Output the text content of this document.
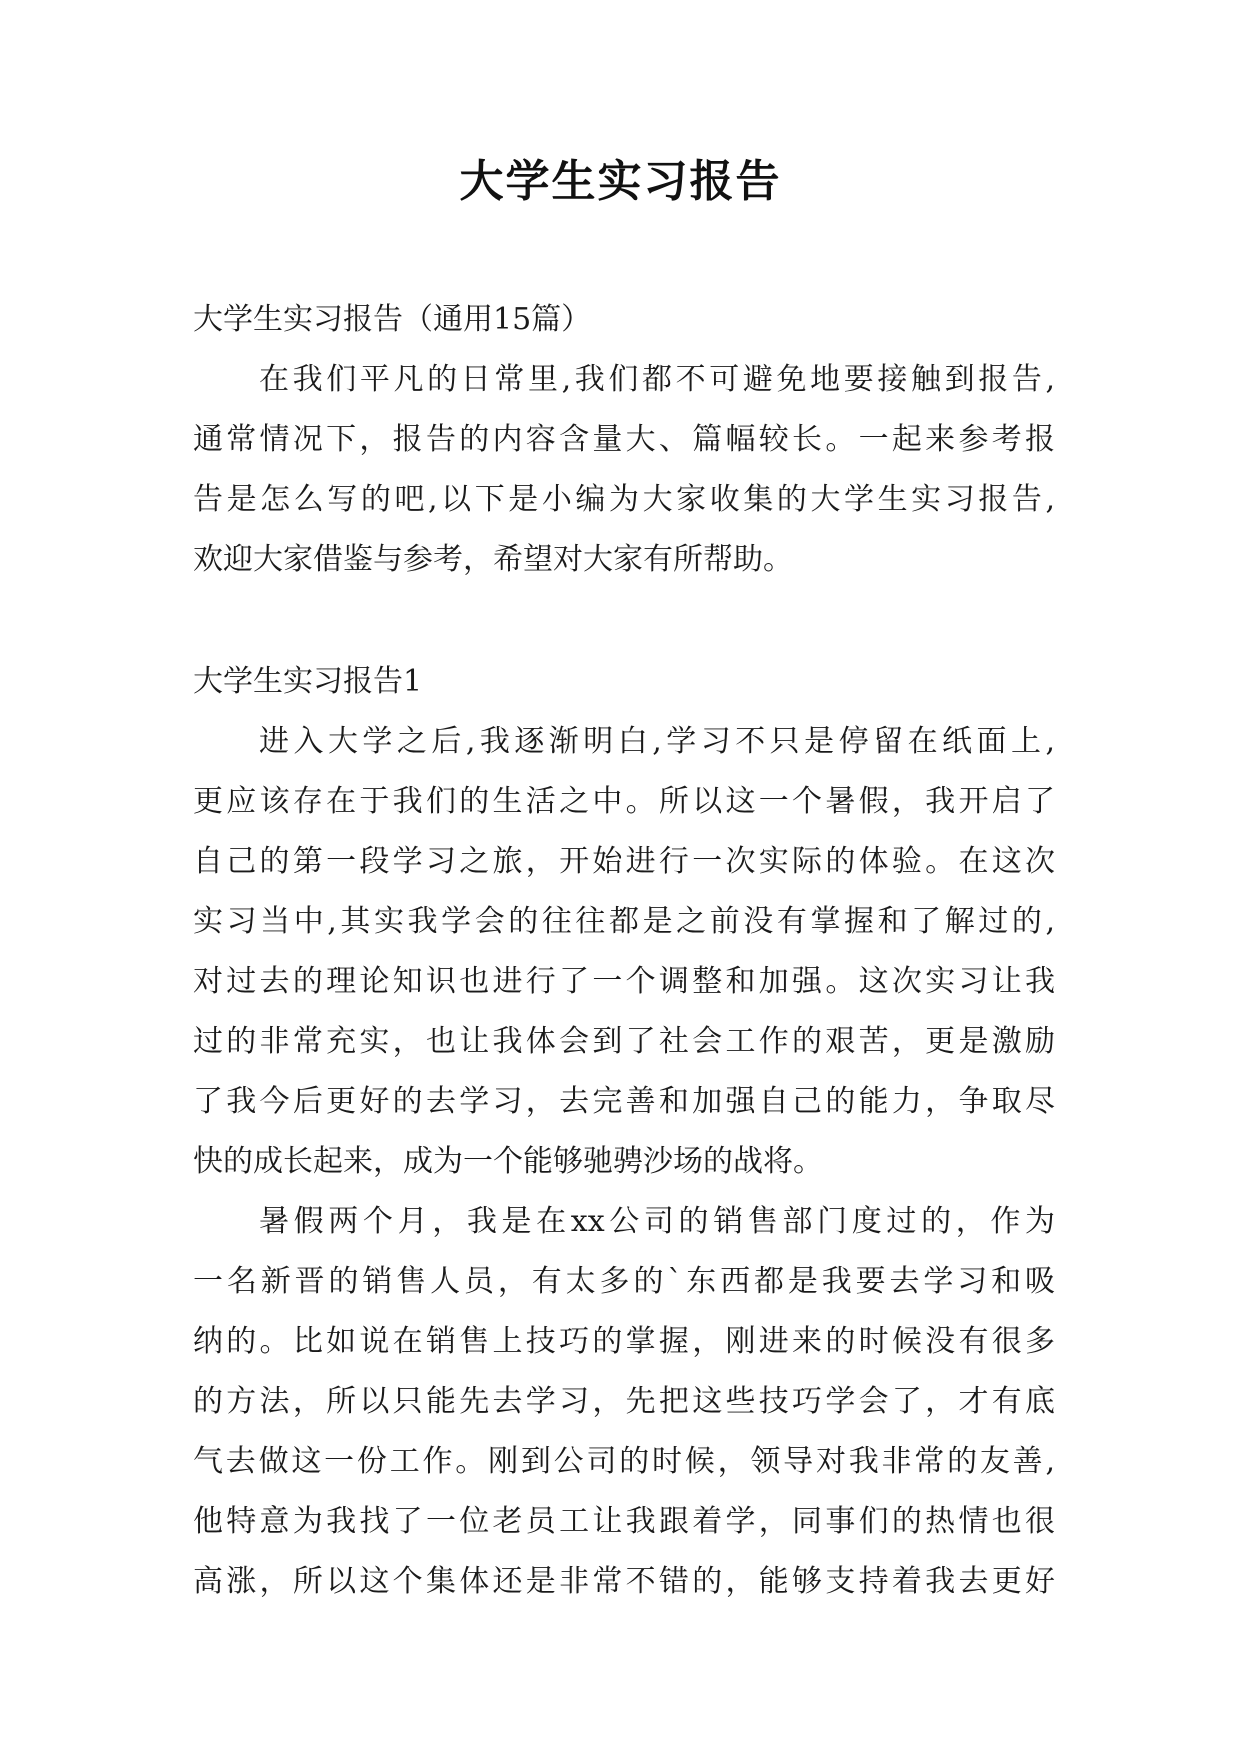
大学生实习报告
大学生实习报告（通用15篇）

在我们平凡的日常里,我们都不可避免地要接触到报告,
通常情况下，报告的内容含量大、篇幅较长。一起来参考报
告是怎么写的吧,以下是小编为大家收集的大学生实习报告,
欢迎大家借鉴与参考，希望对大家有所帮助。

大学生实习报告1

进入大学之后,我逐渐明白,学习不只是停留在纸面上,
更应该存在于我们的生活之中。所以这一个暑假，我开启了
自己的第一段学习之旅，开始进行一次实际的体验。在这次
实习当中,其实我学会的往往都是之前没有掌握和了解过的,
对过去的理论知识也进行了一个调整和加强。这次实习让我
过的非常充实，也让我体会到了社会工作的艰苦，更是激励
了我今后更好的去学习，去完善和加强自己的能力，争取尽
快的成长起来，成为一个能够驰骋沙场的战将。

暑假两个月，我是在xx公司的销售部门度过的，作为
一名新晋的销售人员，有太多的`东西都是我要去学习和吸
纳的。比如说在销售上技巧的掌握，刚进来的时候没有很多
的方法，所以只能先去学习，先把这些技巧学会了，才有底
气去做这一份工作。刚到公司的时候，领导对我非常的友善,
他特意为我找了一位老员工让我跟着学，同事们的热情也很
高涨，所以这个集体还是非常不错的，能够支持着我去更好
